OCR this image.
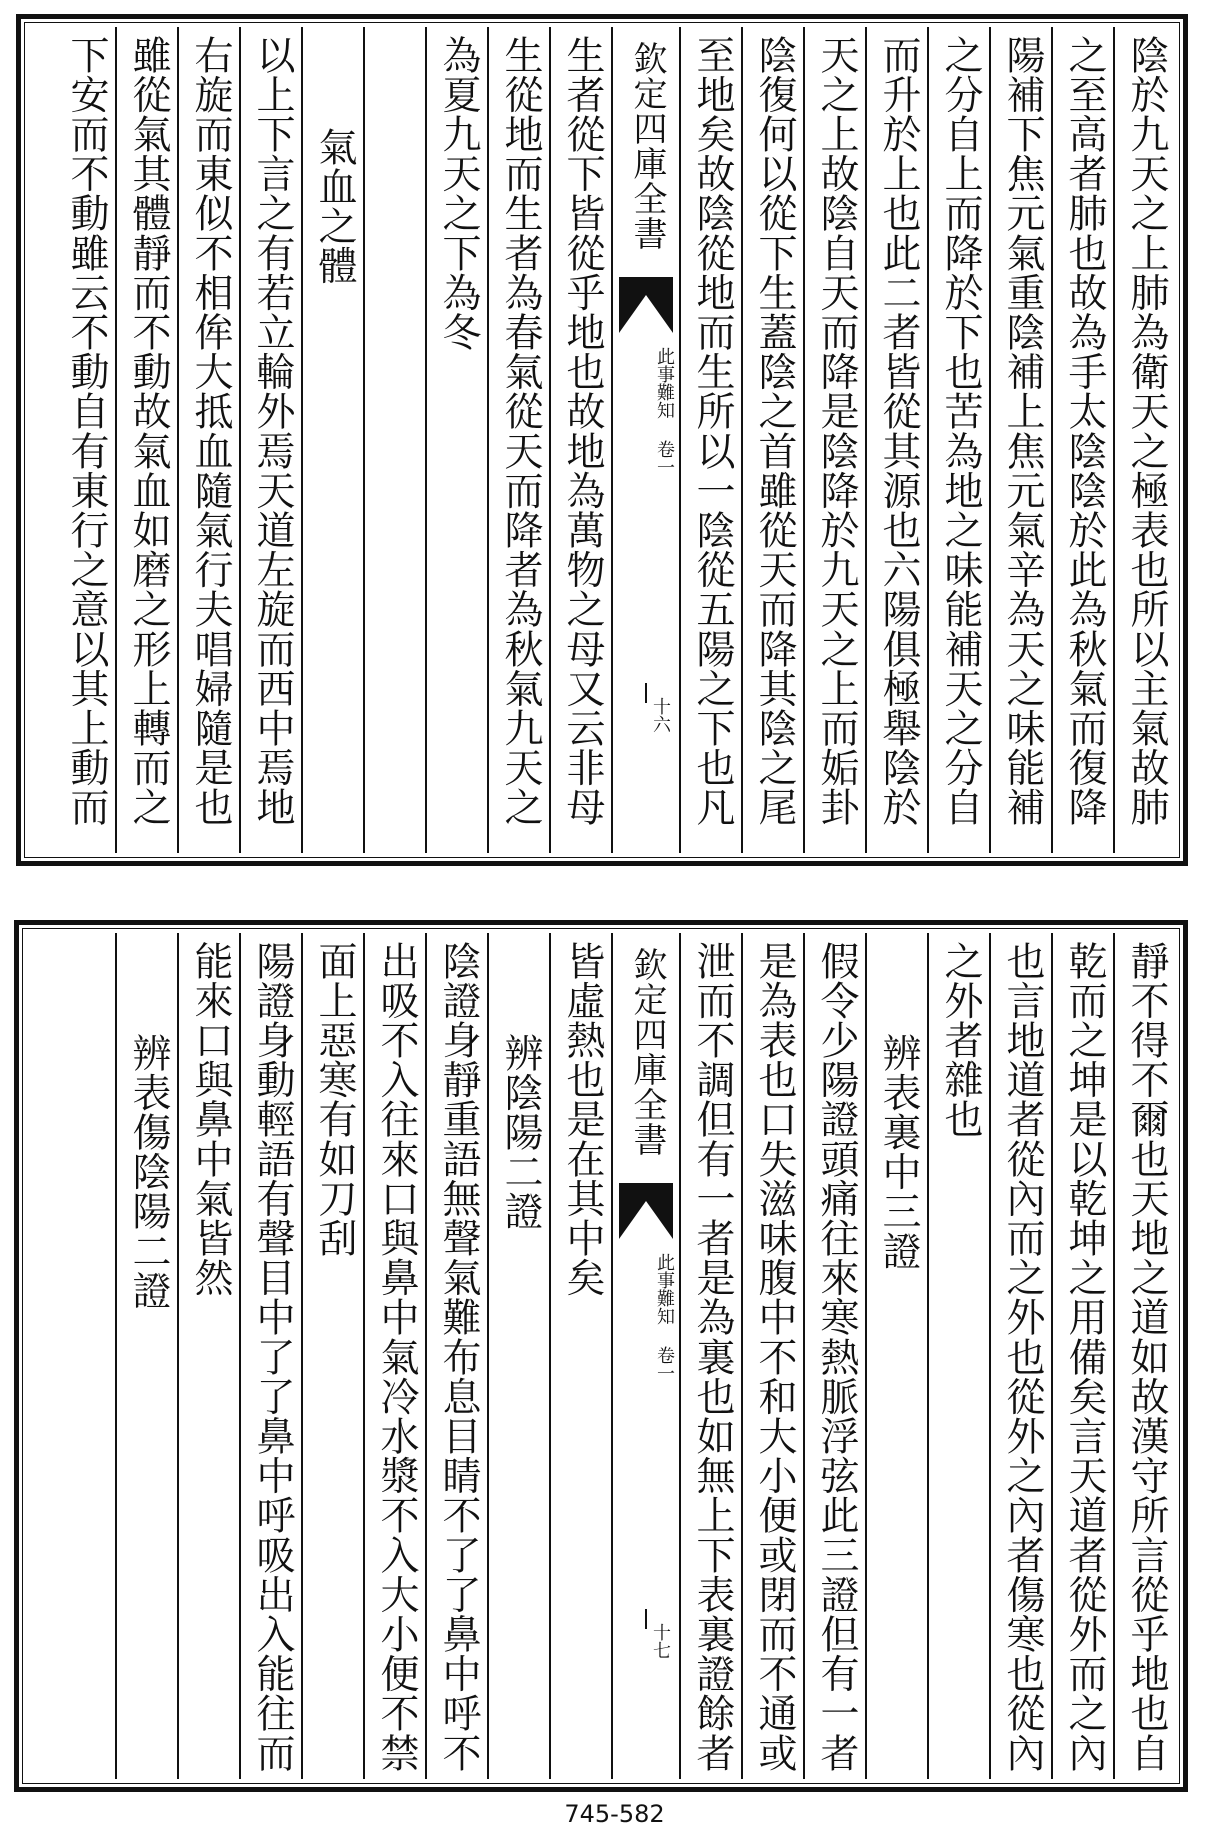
陰於九天之上肺為衛天之極表也所以主氣故肺
之至高者肺也故為手太陰陰於此為秋氣而復降
陽補下焦元氣重陰補上焦元氣辛為天之味能補
之分自上而降於下也苦為地之味能補天之分自
而升於上也此二者皆從其源也六陽俱極舉陰於
天之上故陰自天而降是陰降於九天之上而姤卦
陰復何以從下生蓋陰之首雖從天而降其陰之尾
至地矣故陰從地而生所以一陰從五陽之下也凡
欽定四庫全書
此事難知 卷一
十六
生者從下皆從乎地也故地為萬物之母又云非母
生從地而生者為春氣從天而降者為秋氣九天之
為夏九天之下為冬
氣血之體
以上下言之有若立輪外焉天道左旋而西中焉地
右旋而東似不相侔大抵血隨氣行夫唱婦隨是也
雖從氣其體靜而不動故氣血如磨之形上轉而之
下安而不動雖云不動自有東行之意以其上動而
靜不得不爾也天地之道如故漢守所言從乎地也自
乾而之坤是以乾坤之用備矣言天道者從外而之內
也言地道者從內而之外也從外之內者傷寒也從內
之外者雜也
辨表裏中三證
假令少陽證頭痛往來寒熱脈浮弦此三證但有一者
是為表也口失滋味腹中不和大小便或閉而不通或
泄而不調但有一者是為裏也如無上下表裏證餘者
欽定四庫全書
此事難知 卷一
十七
皆虛熱也是在其中矣
辨陰陽二證
陰證身靜重語無聲氣難布息目睛不了了鼻中呼不
出吸不入往來口與鼻中氣冷水漿不入大小便不禁
面上惡寒有如刀刮
陽證身動輕語有聲目中了了鼻中呼吸出入能往而
能來口與鼻中氣皆然
辨表傷陰陽二證
745-582
